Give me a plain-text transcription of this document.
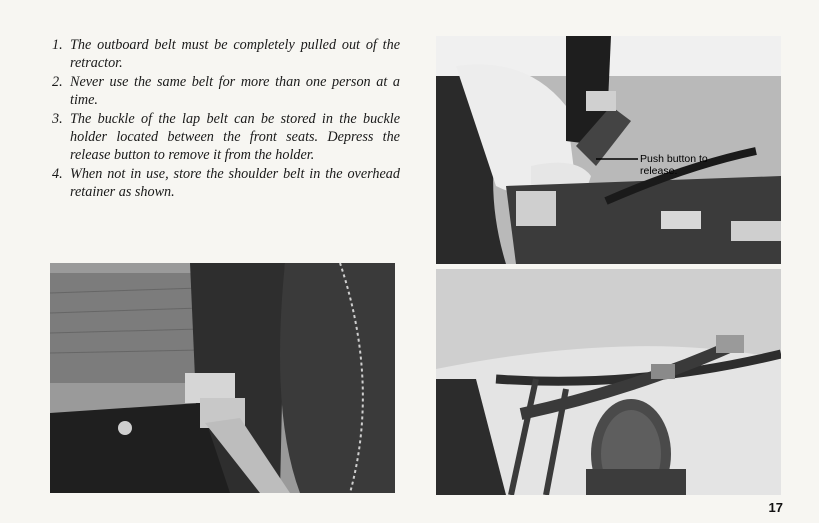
1. The outboard belt must be completely pulled out of the retractor.
2. Never use the same belt for more than one person at a time.
3. The buckle of the lap belt can be stored in the buckle holder located between the front seats. Depress the release button to remove it from the holder.
4. When not in use, store the shoulder belt in the overhead retainer as shown.
Push button to release.
17
